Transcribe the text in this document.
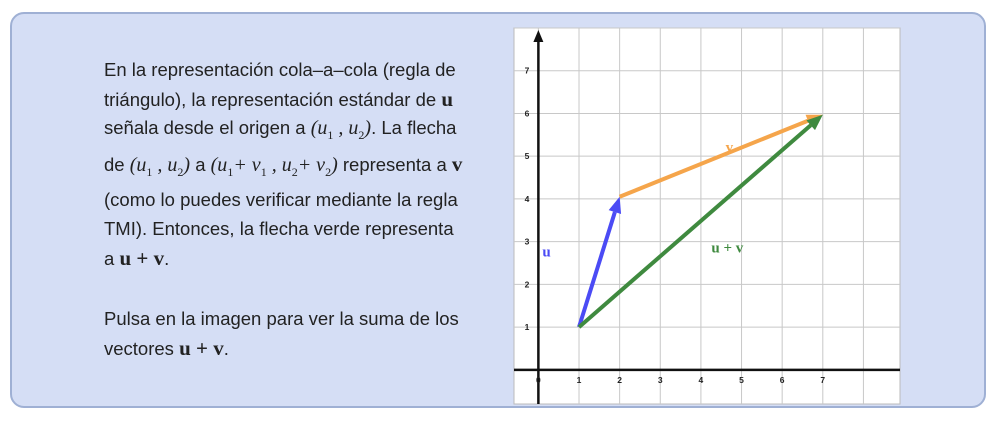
En la representación cola–a–cola (regla de triángulo), la representación estándar de u señala desde el origen a ($u_1$ , $u_2$). La flecha de ($u_1$ , $u_2$) a ($u_1+ v_1$ , $u_2+ v_2$) representa a v (como lo puedes verificar mediante la regla TMI). Entonces, la flecha verde representa a u + v.

Pulsa en la imagen para ver la suma de los vectores u + v.

0	1	2	3	4	5	6	7
1
2
3
4
5
6
7
u
v
u + v
